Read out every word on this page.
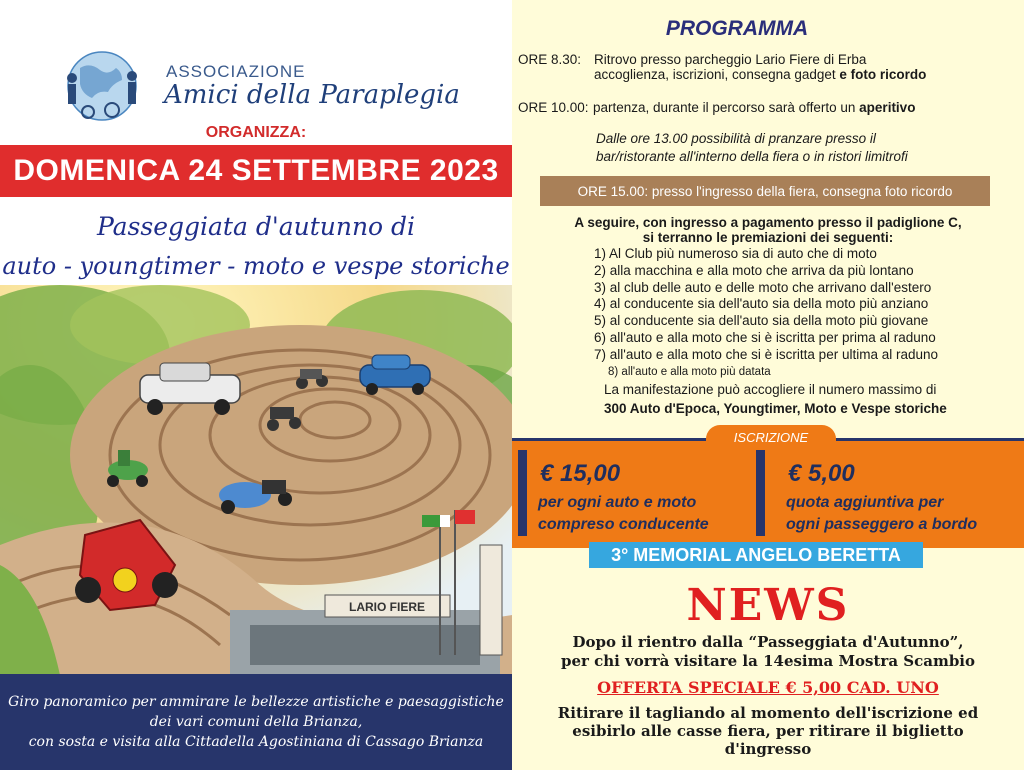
ASSOCIAZIONE
Amici della Paraplegia
ORGANIZZA:
DOMENICA 24 SETTEMBRE 2023
Passeggiata d'autunno di
auto - youngtimer - moto e vespe storiche
LARIO FIERE
Giro panoramico per ammirare le bellezze artistiche e paesaggistiche
dei vari comuni della Brianza,
con sosta e visita alla Cittadella Agostiniana di Cassago Brianza
PROGRAMMA
ORE 8.30: Ritrovo presso parcheggio Lario Fiere di Erba
accoglienza, iscrizioni, consegna gadget e foto ricordo
ORE 10.00: partenza, durante il percorso sarà offerto un aperitivo
Dalle ore 13.00 possibilità di pranzare presso il
bar/ristorante all'interno della fiera o in ristori limitrofi
ORE 15.00: presso l'ingresso della fiera, consegna foto ricordo
A seguire, con ingresso a pagamento presso il padiglione C,
si terranno le premiazioni dei seguenti:
1) Al Club più numeroso sia di auto che di moto
2) alla macchina e alla moto che arriva da più lontano
3) al club delle auto e delle moto che arrivano dall'estero
4) al conducente sia dell'auto sia della moto più anziano
5) al conducente sia dell'auto sia della moto più giovane
6) all'auto e alla moto che si è iscritta per prima al raduno
7) all'auto e alla moto che si è iscritta per ultima al raduno
8) all'auto e alla moto più datata
La manifestazione può accogliere il numero massimo di
300 Auto d'Epoca, Youngtimer, Moto e Vespe storiche
ISCRIZIONE
€ 15,00
per ogni auto e moto
compreso conducente
€ 5,00
quota aggiuntiva per
ogni passeggero a bordo
3° MEMORIAL ANGELO BERETTA
NEWS
Dopo il rientro dalla “Passeggiata d'Autunno”,
per chi vorrà visitare la 14esima Mostra Scambio
OFFERTA SPECIALE € 5,00 CAD. UNO
Ritirare il tagliando al momento dell'iscrizione ed
esibirlo alle casse fiera, per ritirare il biglietto
d'ingresso
